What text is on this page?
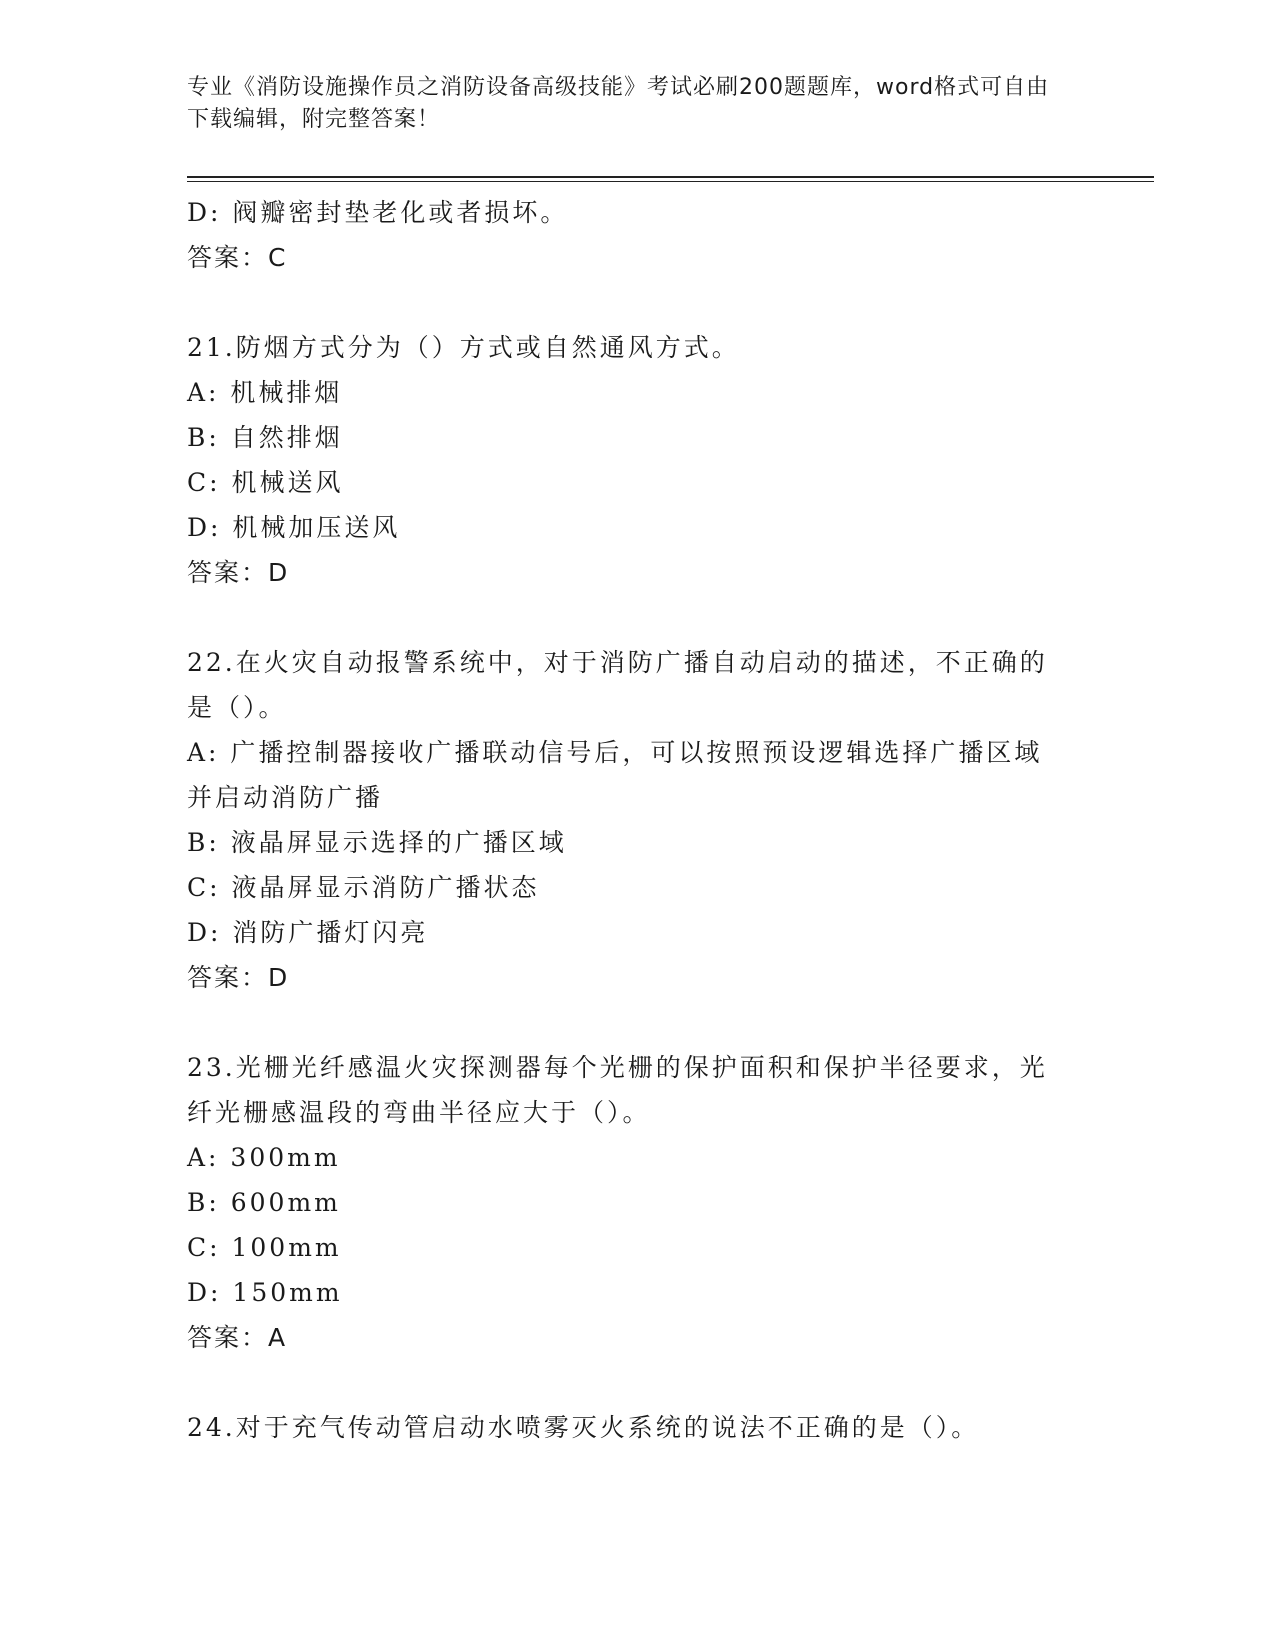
专业《消防设施操作员之消防设备高级技能》考试必刷200题题库，word格式可自由下载编辑，附完整答案！
D: 阀瓣密封垫老化或者损坏。
答案：C
21.防烟方式分为（）方式或自然通风方式。
A: 机械排烟
B: 自然排烟
C: 机械送风
D: 机械加压送风
答案：D
22.在火灾自动报警系统中，对于消防广播自动启动的描述，不正确的是（）。
A: 广播控制器接收广播联动信号后，可以按照预设逻辑选择广播区域并启动消防广播
B: 液晶屏显示选择的广播区域
C: 液晶屏显示消防广播状态
D: 消防广播灯闪亮
答案：D
23.光栅光纤感温火灾探测器每个光栅的保护面积和保护半径要求，光纤光栅感温段的弯曲半径应大于（）。
A: 300mm
B: 600mm
C: 100mm
D: 150mm
答案：A
24.对于充气传动管启动水喷雾灭火系统的说法不正确的是（）。
